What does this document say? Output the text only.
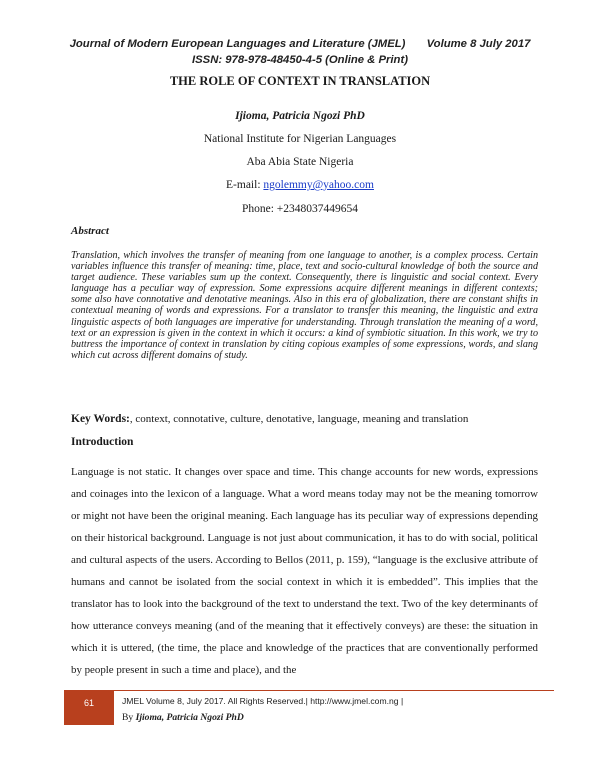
Journal of Modern European Languages and Literature (JMEL) Volume 8 July 2017
ISSN: 978-978-48450-4-5 (Online & Print)
THE ROLE OF CONTEXT IN TRANSLATION
Ijioma, Patricia Ngozi PhD
National Institute for Nigerian Languages
Aba Abia State Nigeria
E-mail: ngolemmy@yahoo.com
Phone: +2348037449654
Abstract
Translation, which involves the transfer of meaning from one language to another, is a complex process. Certain variables influence this transfer of meaning: time, place, text and socio-cultural knowledge of both the source and target audience. These variables sum up the context. Consequently, there is linguistic and social context. Every language has a peculiar way of expression. Some expressions acquire different meanings in different contexts; some also have connotative and denotative meanings. Also in this era of globalization, there are constant shifts in contextual meaning of words and expressions. For a translator to transfer this meaning, the linguistic and extra linguistic aspects of both languages are imperative for understanding. Through translation the meaning of a word, text or an expression is given in the context in which it occurs: a kind of symbiotic situation. In this work, we try to buttress the importance of context in translation by citing copious examples of some expressions, words, and slang which cut across different domains of study.
Key Words:, context, connotative, culture, denotative, language, meaning and translation
Introduction
Language is not static. It changes over space and time. This change accounts for new words, expressions and coinages into the lexicon of a language. What a word means today may not be the meaning tomorrow or might not have been the original meaning. Each language has its peculiar way of expressions depending on their historical background. Language is not just about communication, it has to do with social, political and cultural aspects of the users. According to Bellos (2011, p. 159), “language is the exclusive attribute of humans and cannot be isolated from the social context in which it is embedded”. This implies that the translator has to look into the background of the text to understand the text. Two of the key determinants of how utterance conveys meaning (and of the meaning that it effectively conveys) are these: the situation in which it is uttered, (the time, the place and knowledge of the practices that are conventionally performed by people present in such a time and place), and the
61	JMEL Volume 8, July 2017. All Rights Reserved.| http://www.jmel.com.ng |
By Ijioma, Patricia Ngozi PhD
